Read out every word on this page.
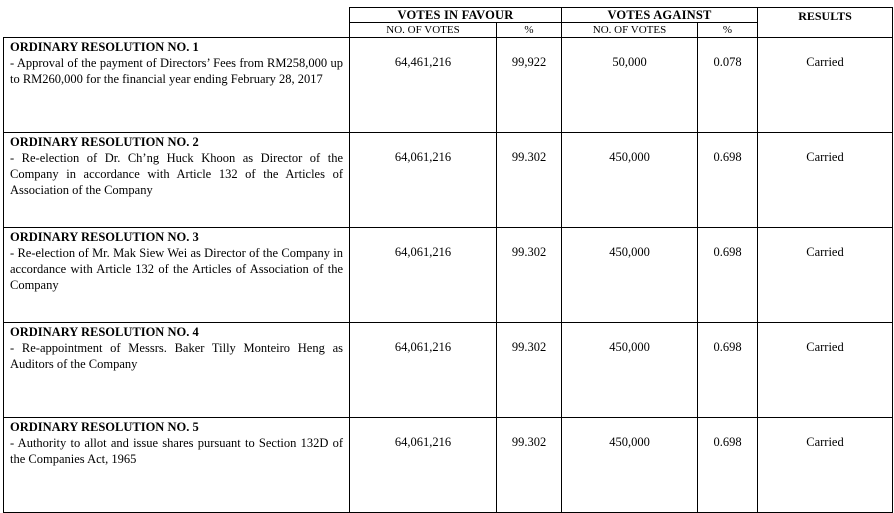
	VOTES IN FAVOUR		VOTES AGAINST		RESULTS
	NO. OF VOTES	%	NO. OF VOTES	%	

ORDINARY RESOLUTION NO. 1
- Approval of the payment of Directors’ Fees from RM258,000 up to RM260,000 for the financial year ending February 28, 2017	64,461,216	99,922	50,000	0.078	Carried

ORDINARY RESOLUTION NO. 2
- Re-election of Dr. Ch’ng Huck Khoon as Director of the Company in accordance with Article 132 of the Articles of Association of the Company	64,061,216	99.302	450,000	0.698	Carried

ORDINARY RESOLUTION NO. 3
- Re-election of Mr. Mak Siew Wei as Director of the Company in accordance with Article 132 of the Articles of Association of the Company	64,061,216	99.302	450,000	0.698	Carried

ORDINARY RESOLUTION NO. 4
- Re-appointment of Messrs. Baker Tilly Monteiro Heng as Auditors of the Company	64,061,216	99.302	450,000	0.698	Carried

ORDINARY RESOLUTION NO. 5
- Authority to allot and issue shares pursuant to Section 132D of the Companies Act, 1965	64,061,216	99.302	450,000	0.698	Carried
